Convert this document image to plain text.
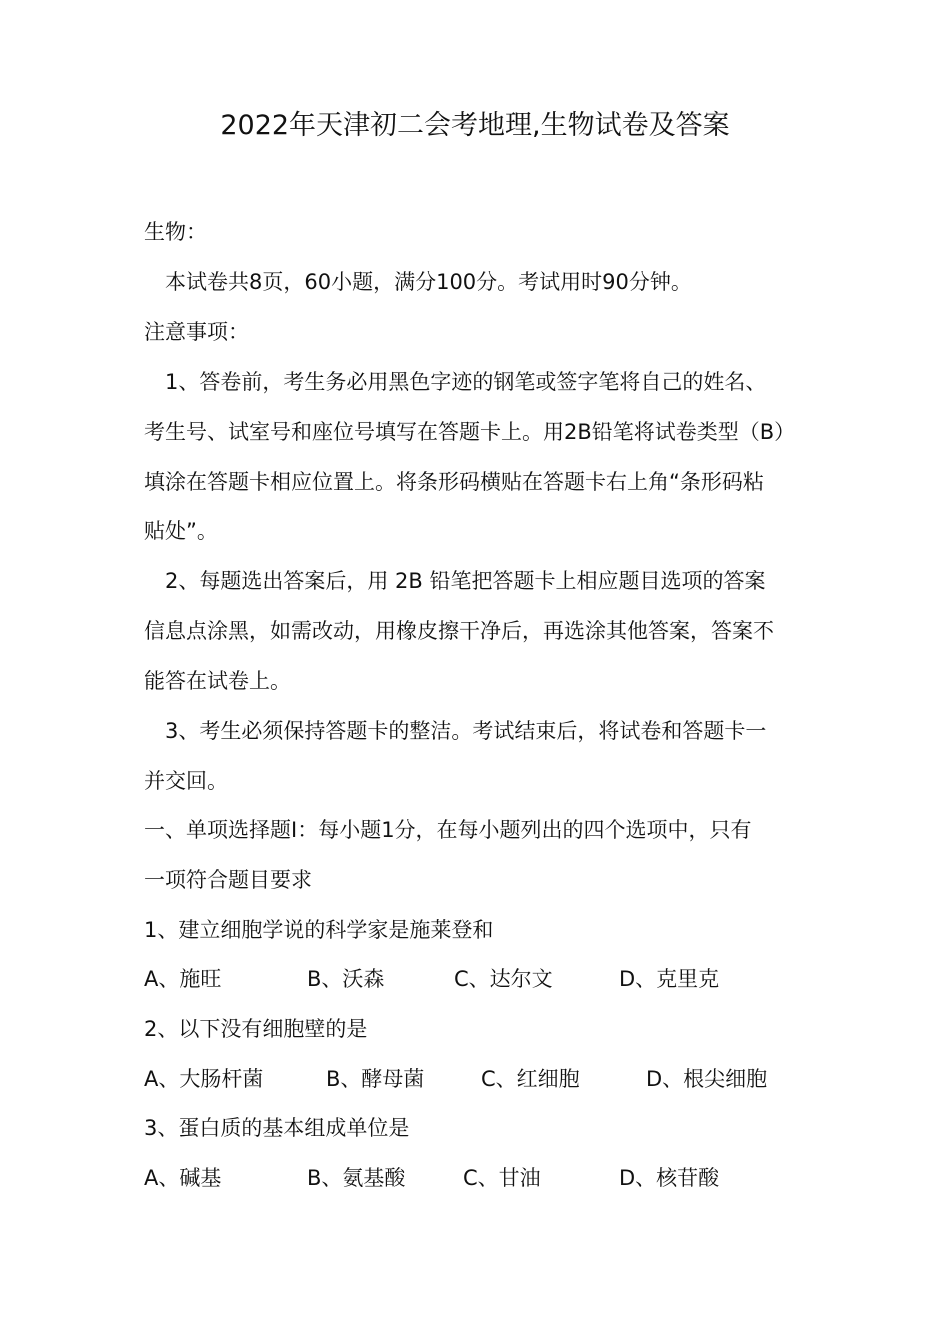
2022年天津初二会考地理,生物试卷及答案
生物：
本试卷共8页，60小题，满分100分。考试用时90分钟。
注意事项：
1、答卷前，考生务必用黑色字迹的钢笔或签字笔将自己的姓名、
考生号、试室号和座位号填写在答题卡上。用2B铅笔将试卷类型（B）
填涂在答题卡相应位置上。将条形码横贴在答题卡右上角“条形码粘
贴处”。
2、每题选出答案后，用 2B 铅笔把答题卡上相应题目选项的答案
信息点涂黑，如需改动，用橡皮擦干净后，再选涂其他答案，答案不
能答在试卷上。
3、考生必须保持答题卡的整洁。考试结束后，将试卷和答题卡一
并交回。
一、单项选择题Ⅰ：每小题1分，在每小题列出的四个选项中，只有
一项符合题目要求
1、建立细胞学说的科学家是施莱登和
A、施旺	B、沃森	C、达尔文	D、克里克
2、以下没有细胞壁的是
A、大肠杆菌	B、酵母菌	C、红细胞	D、根尖细胞
3、蛋白质的基本组成单位是
A、碱基	B、氨基酸	C、甘油	D、核苷酸
